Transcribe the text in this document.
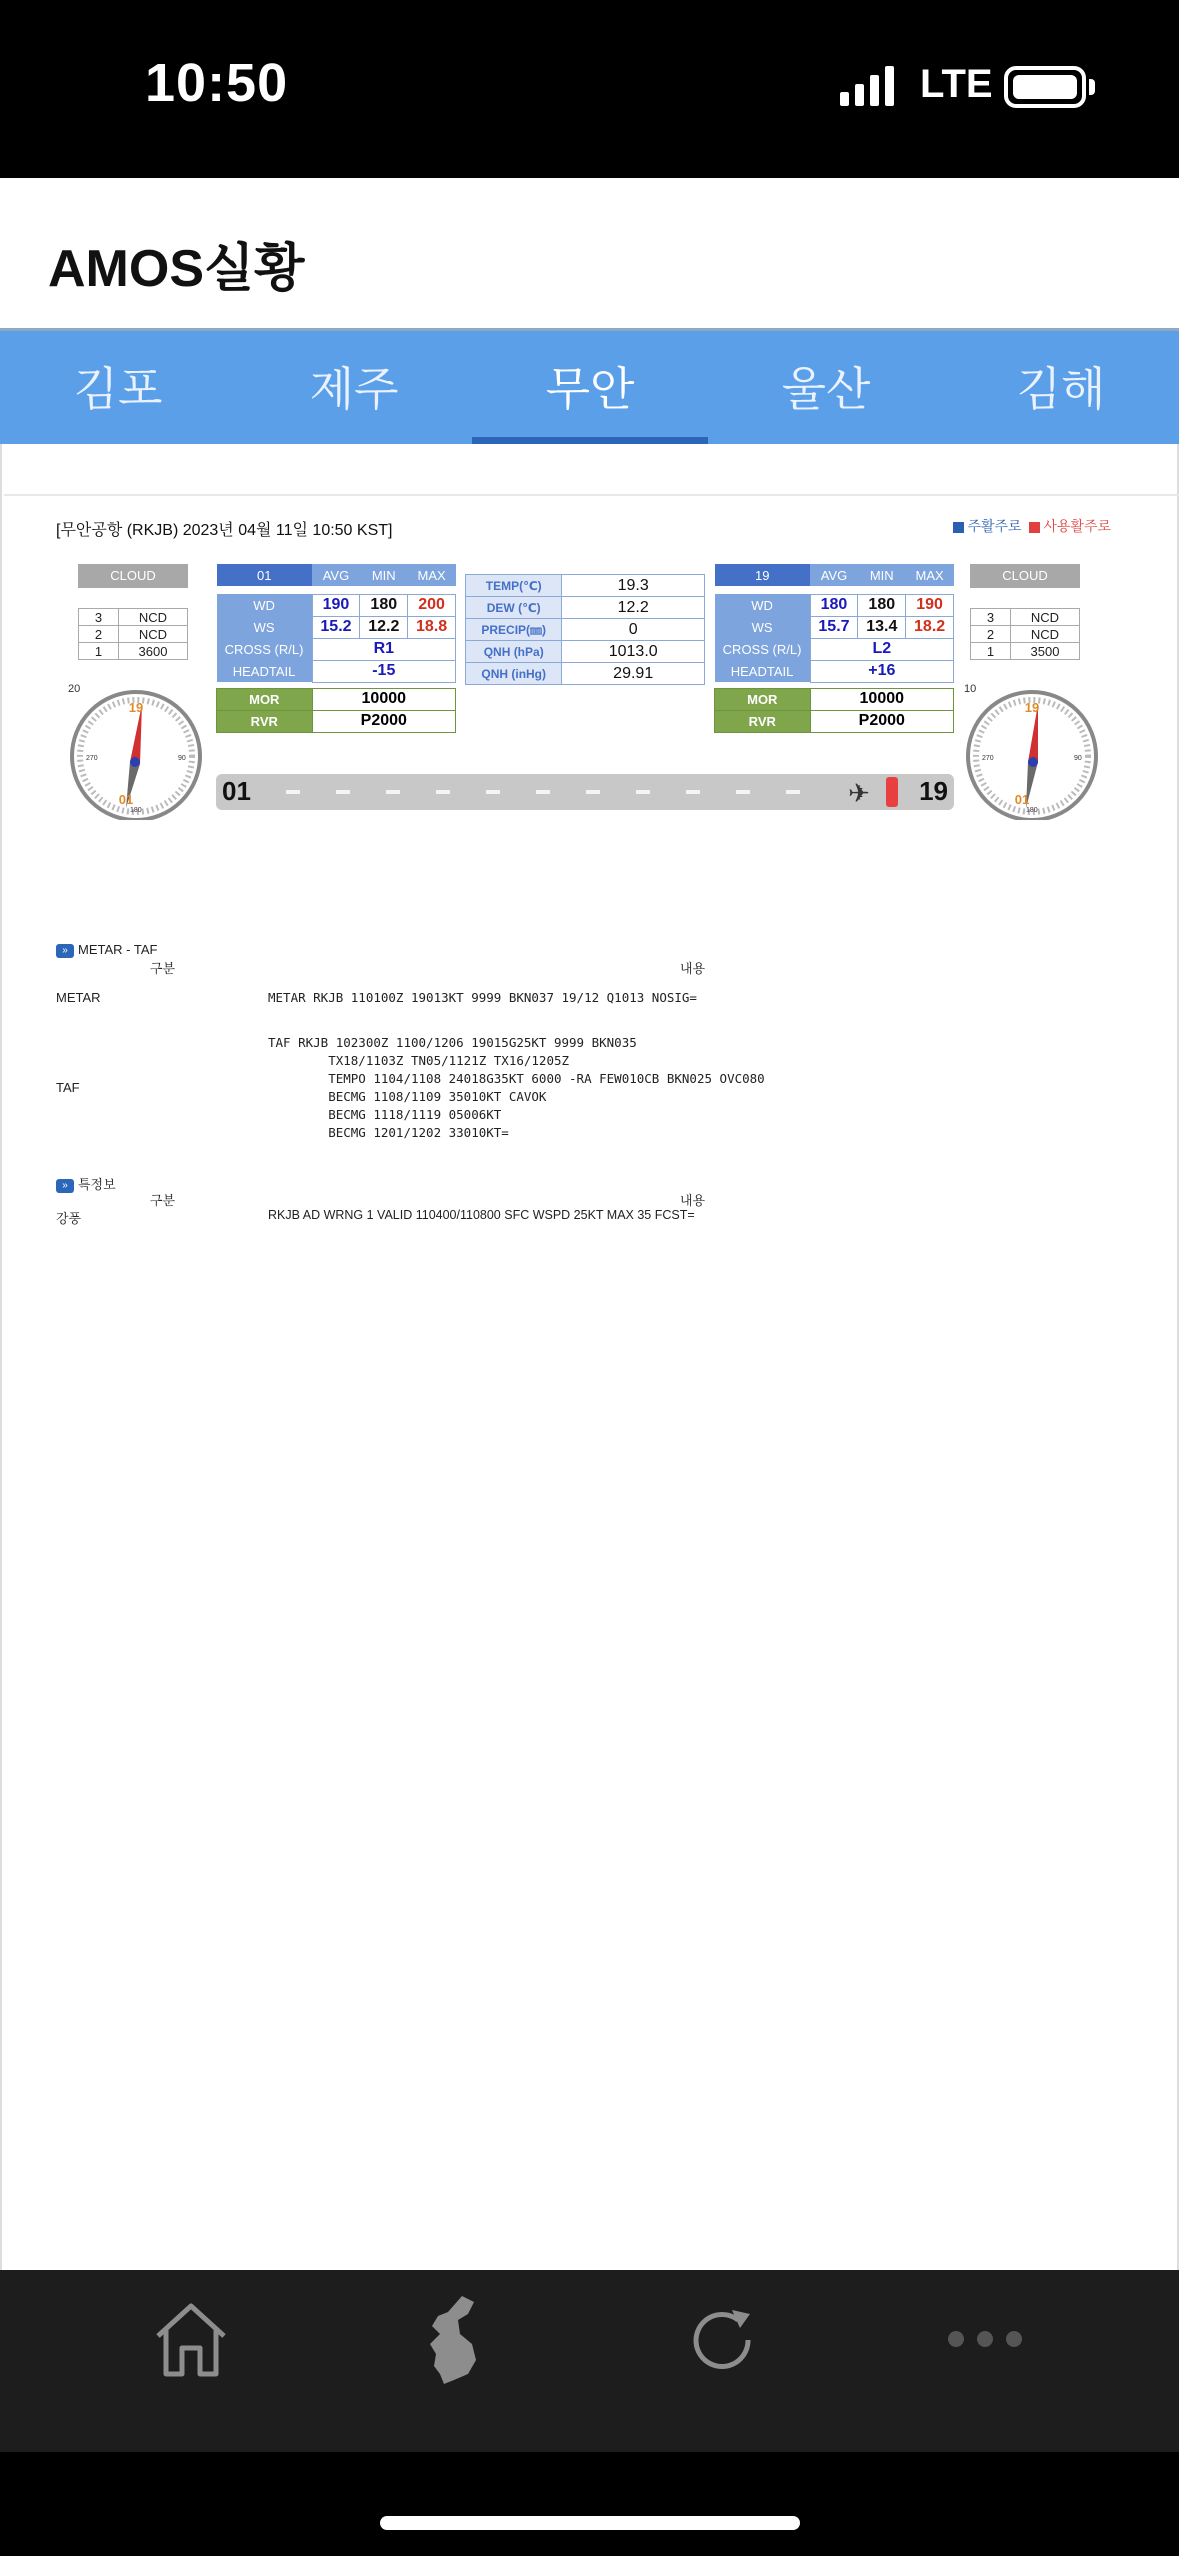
10:50	LTE
AMOS실황
김포	제주	무안	울산	김해
[무안공항 (RKJB) 2023년 04월 11일 10:50 KST]	주활주로 사용활주로
CLOUD
3	NCD
2	NCD
1	3600
CLOUD
3	NCD
2	NCD
1	3500
01	AVG	MIN	MAX

WD	190	180	200
WS	15.2	12.2	18.8
CROSS (R/L)	R1		
HEADTAIL	-15		

MOR	10000		
RVR	P2000		
19	AVG	MIN	MAX

WD	180	180	190
WS	15.7	13.4	18.2
CROSS (R/L)	L2		
HEADTAIL	+16		

MOR	10000		
RVR	P2000		
TEMP(℃)	19.3
DEW (℃)	12.2
PRECIP(㎜)	0
QNH (hPa)	1013.0
QNH (inHg)	29.91
20
19
01
270	90
180
10
19
01
270	90
180
01	✈ 19
» METAR - TAF
구분	내용
METAR	METAR RKJB 110100Z 19013KT 9999 BKN037 19/12 Q1013 NOSIG=
TAF
TAF RKJB 102300Z 1100/1206 19015G25KT 9999 BKN035
TX18/1103Z TN05/1121Z TX16/1205Z
TEMPO 1104/1108 24018G35KT 6000 -RA FEW010CB BKN025 OVC080
BECMG 1108/1109 35010KT CAVOK
BECMG 1118/1119 05006KT
BECMG 1201/1202 33010KT=
» 특정보
구분	내용
강풍	RKJB AD WRNG 1 VALID 110400/110800 SFC WSPD 25KT MAX 35 FCST=
